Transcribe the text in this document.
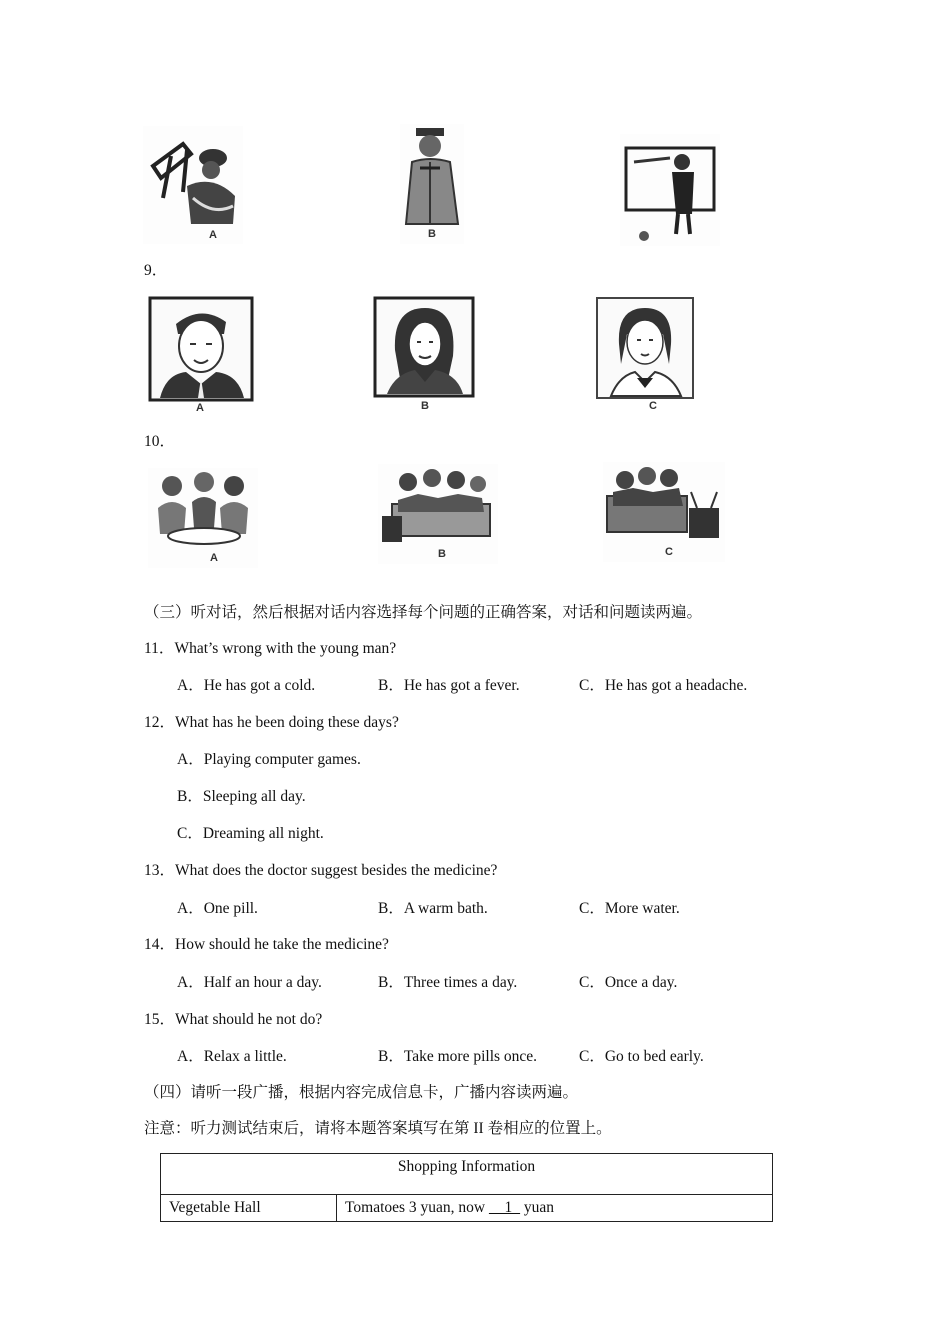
A	B
9．
A	B	C
10．
A	B	C
（三）听对话，然后根据对话内容选择每个问题的正确答案，对话和问题读两遍。
11．What’s wrong with the young man?
A．He has got a cold.	B．He has got a fever.	C．He has got a headache.
12．What has he been doing these days?
A．Playing computer games.
B．Sleeping all day.
C．Dreaming all night.
13．What does the doctor suggest besides the medicine?
A．One pill.	B．A warm bath.	C．More water.
14．How should he take the medicine?
A．Half an hour a day.	B．Three times a day.	C．Once a day.
15．What should he not do?
A．Relax a little.	B．Take more pills once.	C．Go to bed early.
（四）请听一段广播，根据内容完成信息卡，广播内容读两遍。
注意：听力测试结束后，请将本题答案填写在第 II 卷相应的位置上。
Shopping Information
Vegetable Hall	Tomatoes 3 yuan, now __1_ yuan
